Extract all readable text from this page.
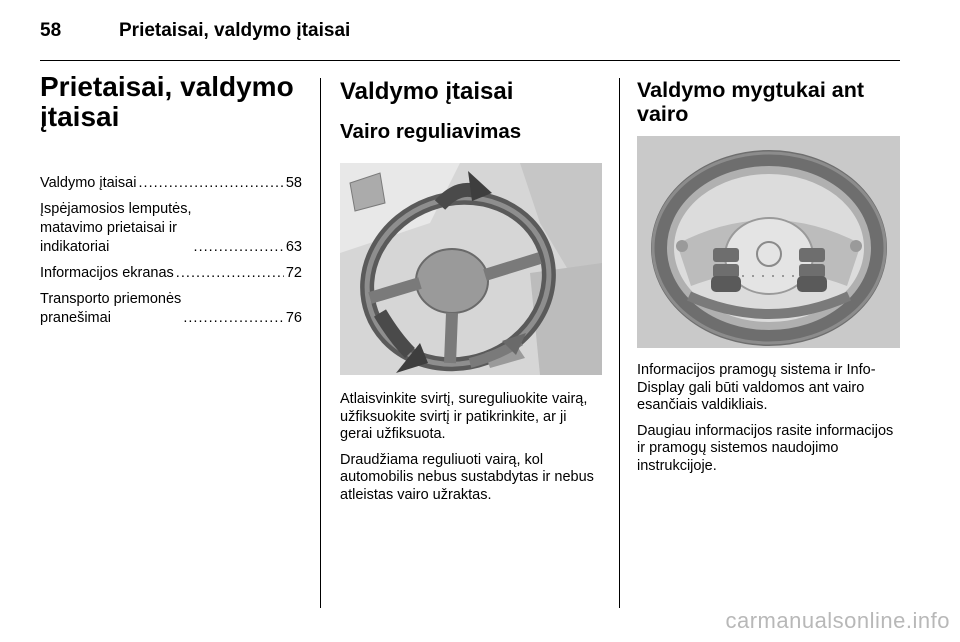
58	Prietaisai, valdymo įtaisai
Prietaisai, valdymo įtaisai
Valdymo įtaisai . . .	58
Įspėjamosios lemputės,
matavimo prietaisai ir
indikatoriai . . .	63
Informacijos ekranas . . .	72
Transporto priemonės
pranešimai . . .	76
Valdymo įtaisai
Vairo reguliavimas

Atlaisvinkite svirtį, sureguliuokite vairą, užfiksuokite svirtį ir patikrinkite, ar ji gerai užfiksuota.

Draudžiama reguliuoti vairą, kol automobilis nebus sustabdytas ir nebus atleistas vairo užraktas.

Valdymo mygtukai ant vairo

Informacijos pramogų sistema ir Info-Display gali būti valdomos ant vairo esančiais valdikliais.

Daugiau informacijos rasite informacijos ir pramogų sistemos naudojimo instrukcijoje.

carmanualsonline.info
